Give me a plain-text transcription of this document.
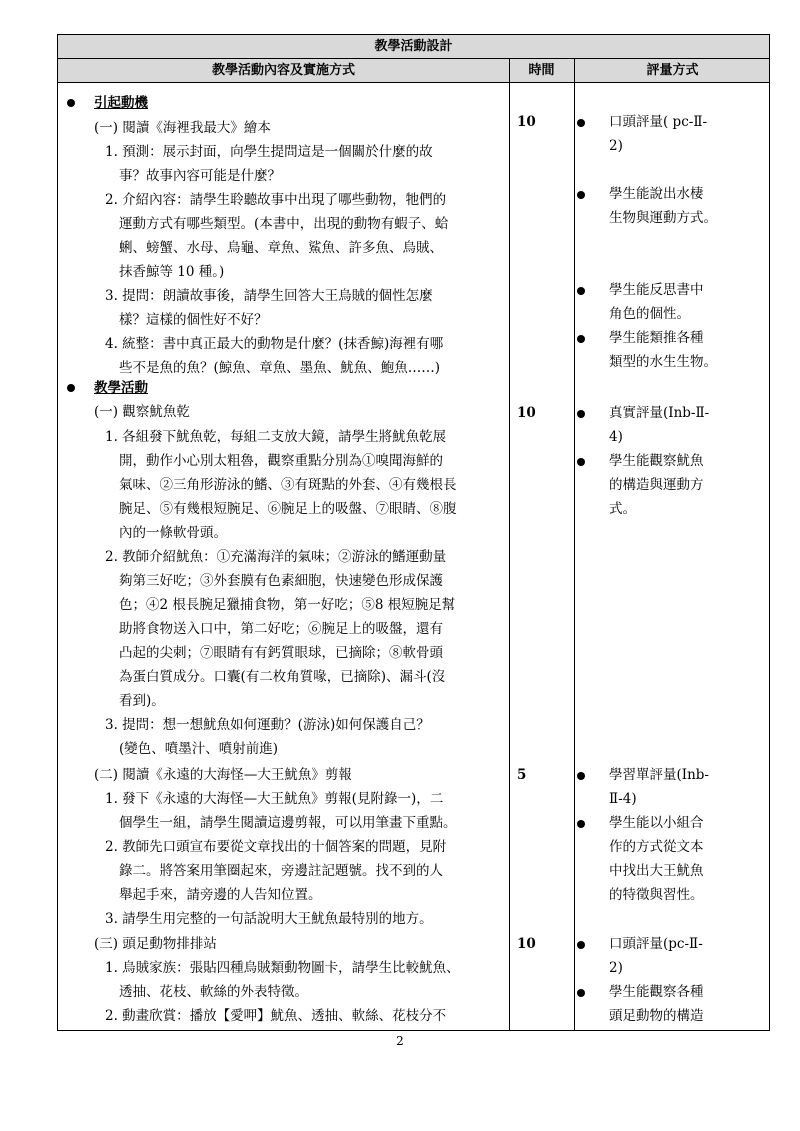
教學活動設計
教學活動內容及實施方式	時間	評量方式
引起動機
(一) 閱讀《海裡我最大》繪本
1. 預測：展示封面，向學生提問這是一個關於什麼的故
事？故事內容可能是什麼？
2. 介紹內容：請學生聆聽故事中出現了哪些動物，牠們的
運動方式有哪些類型。(本書中，出現的動物有蝦子、蛤
蜊、螃蟹、水母、烏龜、章魚、鯊魚、許多魚、烏賊、
抹香鯨等 10 種。)
3. 提問：朗讀故事後，請學生回答大王烏賊的個性怎麼
樣？這樣的個性好不好？
4. 統整：書中真正最大的動物是什麼？(抹香鯨)海裡有哪
些不是魚的魚？(鯨魚、章魚、墨魚、魷魚、鮑魚……)
教學活動
(一) 觀察魷魚乾
1. 各組發下魷魚乾，每組二支放大鏡，請學生將魷魚乾展
開，動作小心別太粗魯，觀察重點分別為①嗅聞海鮮的
氣味、②三角形游泳的鰭、③有斑點的外套、④有幾根長
腕足、⑤有幾根短腕足、⑥腕足上的吸盤、⑦眼睛、⑧腹
內的一條軟骨頭。
2. 教師介紹魷魚：①充滿海洋的氣味；②游泳的鰭運動量
夠第三好吃；③外套膜有色素細胞，快速變色形成保護
色；④2 根長腕足獵捕食物，第一好吃；⑤8 根短腕足幫
助將食物送入口中，第二好吃；⑥腕足上的吸盤，還有
凸起的尖刺；⑦眼睛有有鈣質眼球，已摘除；⑧軟骨頭
為蛋白質成分。口囊(有二枚角質喙，已摘除)、漏斗(沒
看到)。
3. 提問：想一想魷魚如何運動？(游泳)如何保護自己？
(變色、噴墨汁、噴射前進)
(二) 閱讀《永遠的大海怪—大王魷魚》剪報
1. 發下《永遠的大海怪—大王魷魚》剪報(見附錄一)，二
個學生一組，請學生閱讀這邊剪報，可以用筆畫下重點。
2. 教師先口頭宣布要從文章找出的十個答案的問題，見附
錄二。將答案用筆圈起來，旁邊註記題號。找不到的人
舉起手來，請旁邊的人告知位置。
3. 請學生用完整的一句話說明大王魷魚最特別的地方。
(三) 頭足動物排排站
1. 烏賊家族：張貼四種烏賊類動物圖卡，請學生比較魷魚、
透抽、花枝、軟絲的外表特徵。
2. 動畫欣賞：播放【愛呷】魷魚、透抽、軟絲、花枝分不
10
10
5
10
口頭評量( pc-Ⅱ-
2)
學生能說出水棲
生物與運動方式。
學生能反思書中
角色的個性。
學生能類推各種
類型的水生生物。
真實評量(Inb-Ⅱ-
4)
學生能觀察魷魚
的構造與運動方
式。
學習單評量(Inb-
Ⅱ-4)
學生能以小組合
作的方式從文本
中找出大王魷魚
的特徵與習性。
口頭評量(pc-Ⅱ-
2)
學生能觀察各種
頭足動物的構造
2
